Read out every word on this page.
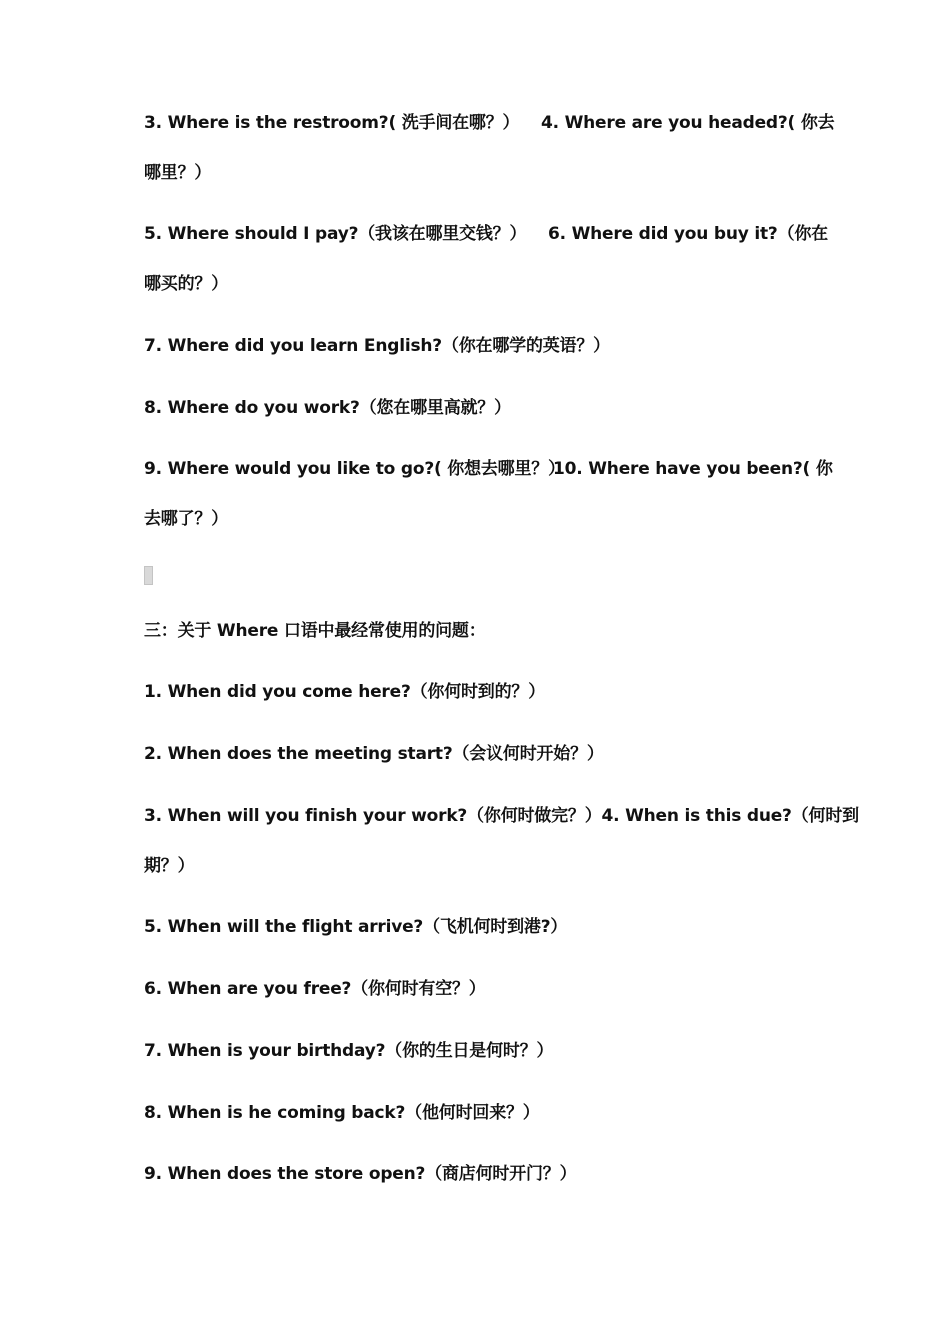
3. Where is the restroom?( 洗手间在哪？） 4. Where are you headed?( 你去
哪里？）
5. Where should I pay?（我该在哪里交钱？） 6. Where did you buy it?（你在
哪买的？）
7. Where did you learn English?（你在哪学的英语？）
8. Where do you work?（您在哪里高就？）
9. Where would you like to go?( 你想去哪里？）
10. Where have you been?( 你
去哪了？）
三：关于 Where 口语中最经常使用的问题：
1. When did you come here?（你何时到的？）
2. When does the meeting start?（会议何时开始？）
3. When will you finish your work?（你何时做完？）4. When is this due?（何时到
期？）
5. When will the flight arrive?（飞机何时到港?）
6. When are you free?（你何时有空？）
7. When is your birthday?（你的生日是何时？）
8. When is he coming back?（他何时回来？）
9. When does the store open?（商店何时开门？）
